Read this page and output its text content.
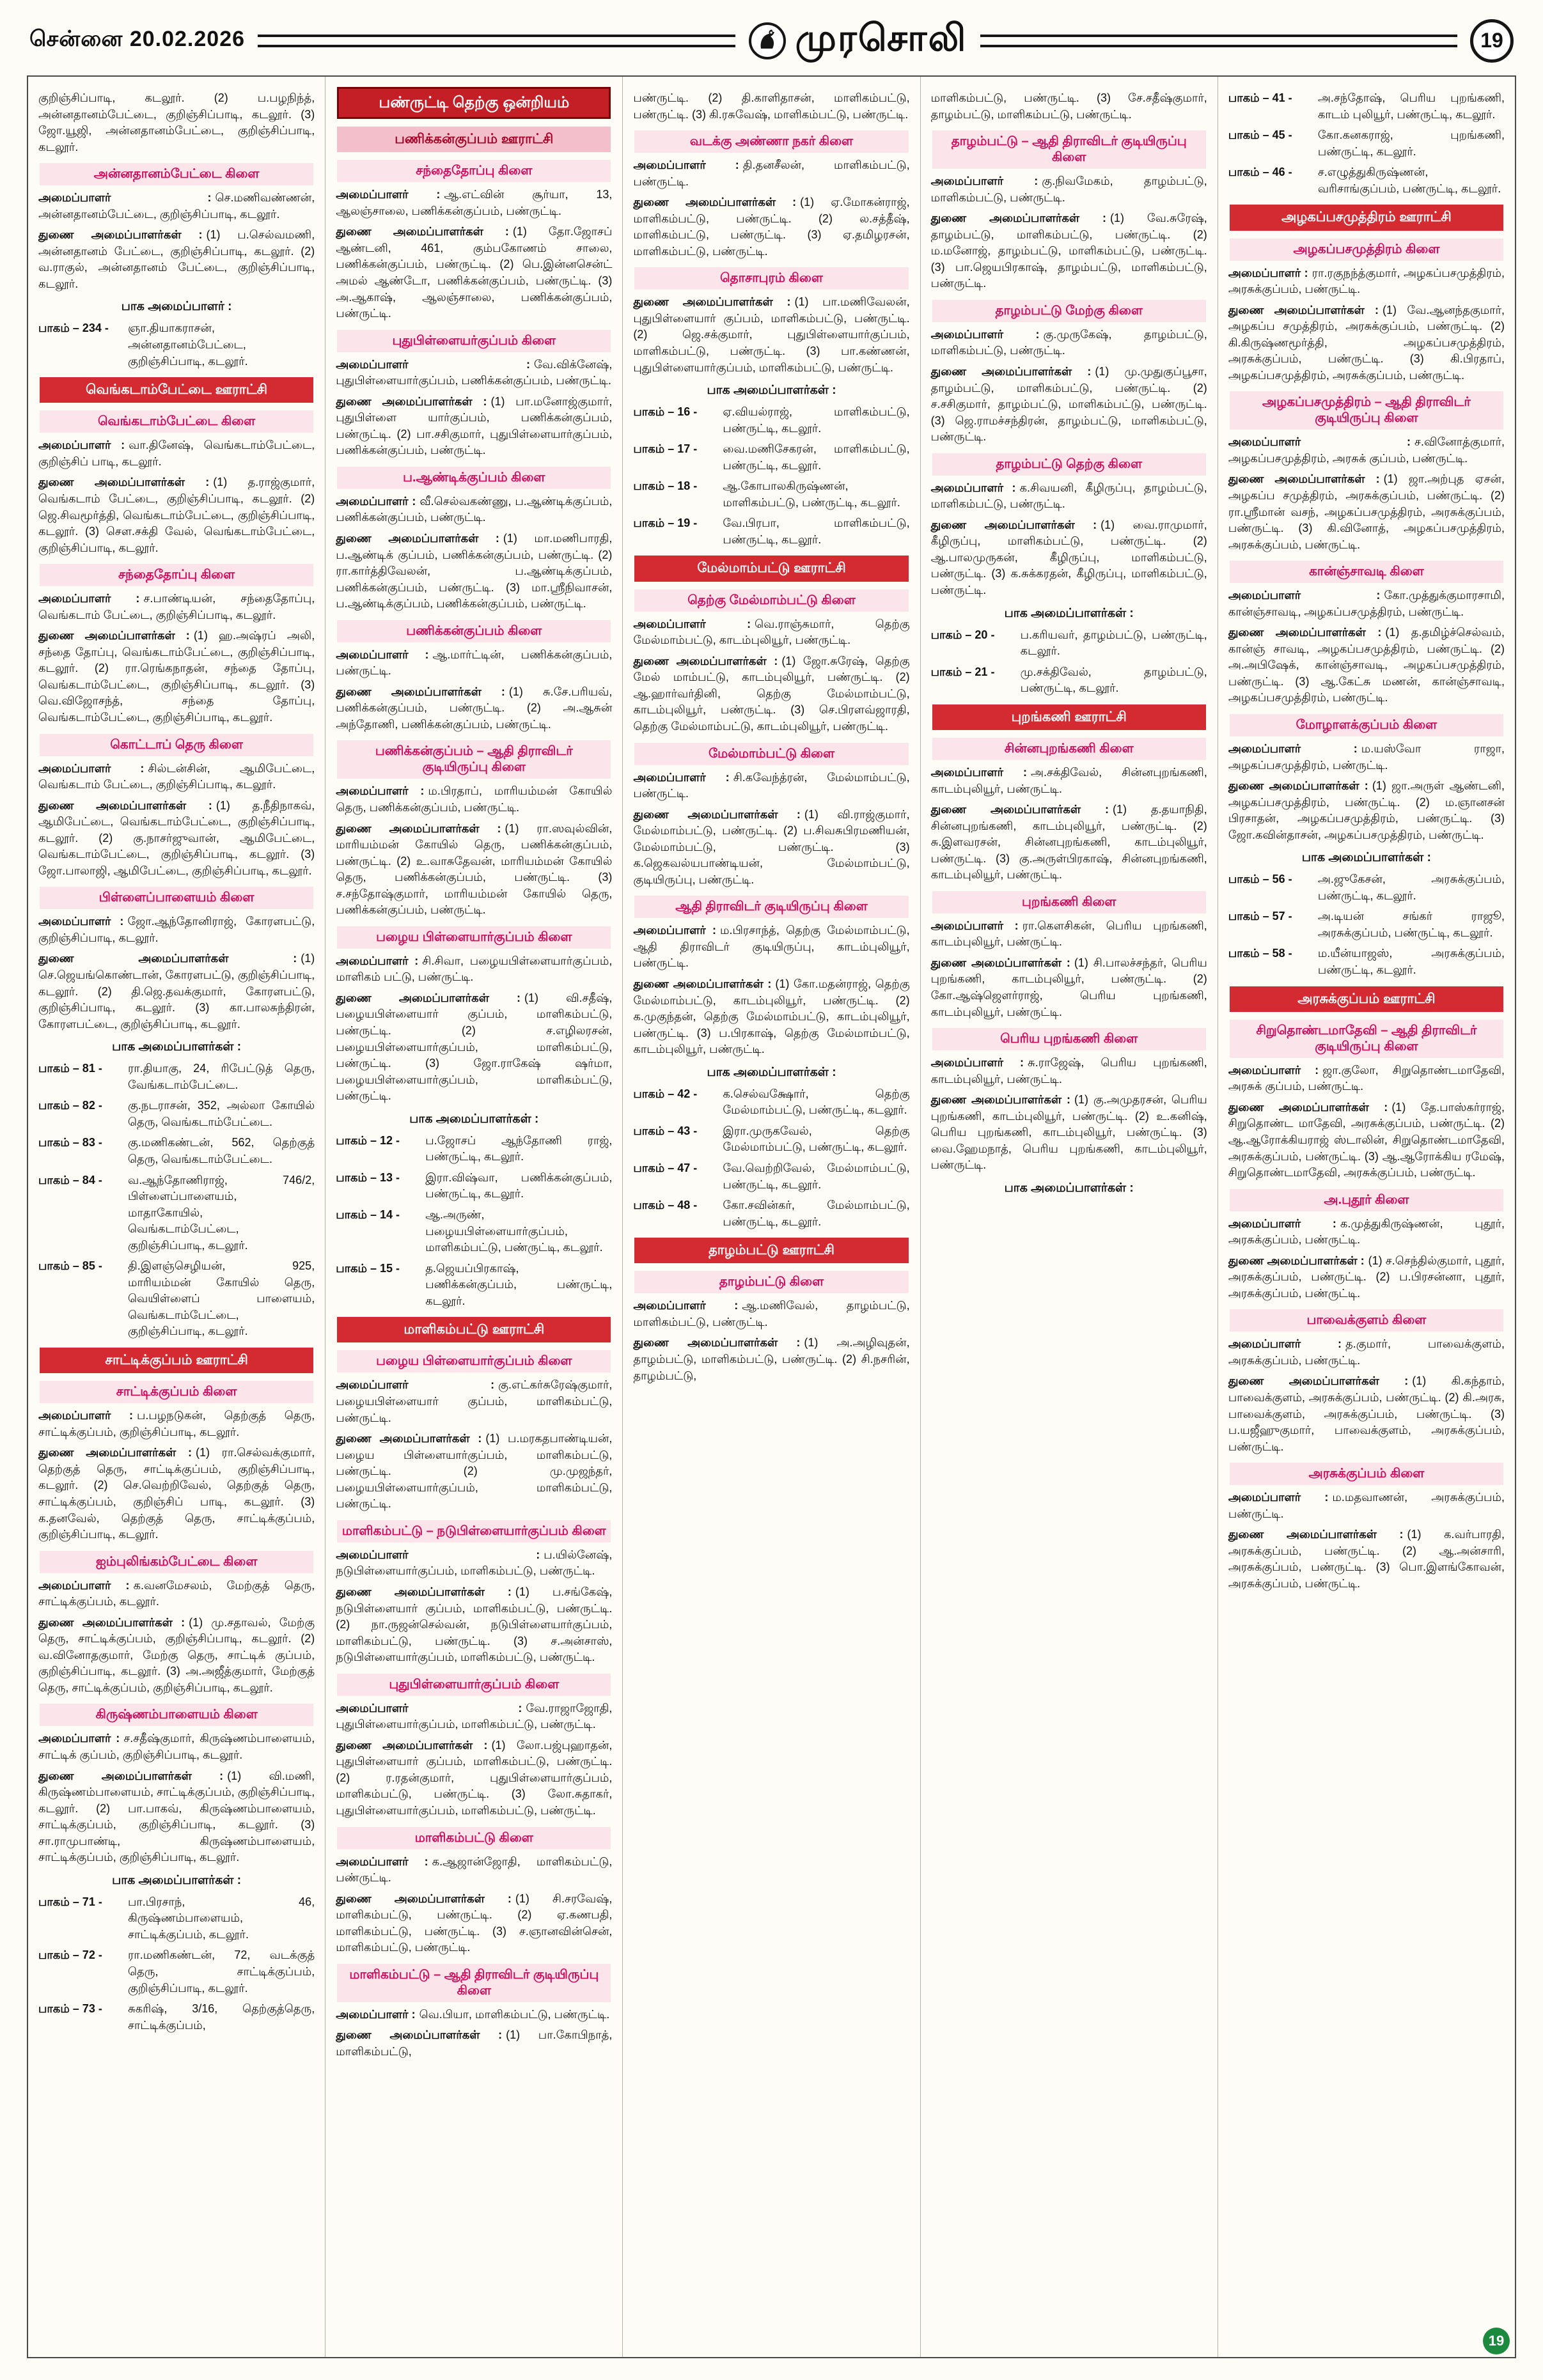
சென்னை 20.02.2026	முரசொலி	19

குறிஞ்சிப்பாடி, கடலூர். (2) ப.பழநிந்த், அன்னதானம்பேட்டை, குறிஞ்சிப்பாடி, கடலூர். (3) ஜோ.யூஜி, அன்னதானம்பேட்டை, குறிஞ்சிப்பாடி, கடலூர்.

அன்னதானம்பேட்டை கிளை

அமைப்பாளர் : செ.மணிவண்ணன், அன்னதானம்பேட்டை, குறிஞ்சிப்பாடி, கடலூர்.

துணை அமைப்பாளர்கள் : (1) ப.செல்வமணி, அன்னதானம் பேட்டை, குறிஞ்சிப்பாடி, கடலூர். (2) வ.ராகுல், அன்னதானம் பேட்டை, குறிஞ்சிப்பாடி, கடலூர்.

பாக அமைப்பாளர் :
பாகம் – 234 -	ஞா.தியாகராசன், அன்னதானம்பேட்டை, குறிஞ்சிப்பாடி, கடலூர்.
வெங்கடாம்பேட்டை ஊராட்சி
வெங்கடாம்பேட்டை கிளை

அமைப்பாளர் : வா.தினேஷ், வெங்கடாம்பேட்டை, குறிஞ்சிப் பாடி, கடலூர்.

துணை அமைப்பாளர்கள் : (1) த.ராஜ்குமார், வெங்கடாம் பேட்டை, குறிஞ்சிப்பாடி, கடலூர். (2) ஜெ.சிவமூர்த்தி, வெங்கடாம்பேட்டை, குறிஞ்சிப்பாடி, கடலூர். (3) சௌ.சக்தி வேல், வெங்கடாம்பேட்டை, குறிஞ்சிப்பாடி, கடலூர்.

சந்தைதோப்பு கிளை

அமைப்பாளர் : ச.பாண்டியன், சந்தைதோப்பு, வெங்கடாம் பேட்டை, குறிஞ்சிப்பாடி, கடலூர்.

துணை அமைப்பாளர்கள் : (1) ஹ.அஷ்ரப் அலி, சந்தை தோப்பு, வெங்கடாம்பேட்டை, குறிஞ்சிப்பாடி, கடலூர். (2) ரா.ரெங்கநாதன், சந்தை தோப்பு, வெங்கடாம்பேட்டை, குறிஞ்சிப்பாடி, கடலூர். (3) வெ.விஜோசந்த், சந்தை தோப்பு, வெங்கடாம்பேட்டை, குறிஞ்சிப்பாடி, கடலூர்.

கொட்டாப் தெரு கிளை

அமைப்பாளர் : சில்டன்சின், ஆமிபேட்டை, வெங்கடாம் பேட்டை, குறிஞ்சிப்பாடி, கடலூர்.

துணை அமைப்பாளர்கள் : (1) த.நீதிநாகவ், ஆமிபேட்டை, வெங்கடாம்பேட்டை, குறிஞ்சிப்பாடி, கடலூர். (2) கு.நாசர்ஜுவான், ஆமிபேட்டை, வெங்கடாம்பேட்டை, குறிஞ்சிப்பாடி, கடலூர். (3) ஜோ.பாலாஜி, ஆமிபேட்டை, குறிஞ்சிப்பாடி, கடலூர்.

பிள்ளைப்பாளையம் கிளை

அமைப்பாளர் : ஜோ.ஆந்தோனிராஜ், கோரளபட்டு, குறிஞ்சிப்பாடி, கடலூர்.

துணை அமைப்பாளர்கள் : (1) செ.ஜெயங்கொண்டான், கோரளபட்டு, குறிஞ்சிப்பாடி, கடலூர். (2) தி.ஜெ.தவக்குமார், கோரளபட்டு, குறிஞ்சிப்பாடி, கடலூர். (3) கா.பாலசுந்திரன், கோரளபட்டை, குறிஞ்சிப்பாடி, கடலூர்.

பாக அமைப்பாளர்கள் :
பாகம் – 81 -	ரா.தியாகு, 24, ரிபேட்டுத் தெரு, வேங்கடாம்பேட்டை.
பாகம் – 82 -	கு.நடராசன், 352, அல்லா கோயில் தெரு, வெங்கடாம்பேட்டை.
பாகம் – 83 -	கு.மணிகண்டன், 562, தெற்குத் தெரு, வெங்கடாம்பேட்டை.
பாகம் – 84 -	வ.ஆந்தோணிராஜ், 746/2, பிள்ளைப்பாளையம், மாதாகோயில், வெங்கடாம்பேட்டை, குறிஞ்சிப்பாடி, கடலூர்.
பாகம் – 85 -	தி.இளஞ்செழியன், 925, மாரியம்மன் கோயில் தெரு, வெயிள்ளைப் பாளையம், வெங்கடாம்பேட்டை, குறிஞ்சிப்பாடி, கடலூர்.
சாட்டிக்குப்பம் ஊராட்சி
சாட்டிக்குப்பம் கிளை

அமைப்பாளர் : ப.பழநடுகன், தெற்குத் தெரு, சாட்டிக்குப்பம், குறிஞ்சிப்பாடி, கடலூர்.

துணை அமைப்பாளர்கள் : (1) ரா.செல்வக்குமார், தெற்குத் தெரு, சாட்டிக்குப்பம், குறிஞ்சிப்பாடி, கடலூர். (2) செ.வெற்றிவேல், தெற்குத் தெரு, சாட்டிக்குப்பம், குறிஞ்சிப் பாடி, கடலூர். (3) க.தனவேல், தெற்குத் தெரு, சாட்டிக்குப்பம், குறிஞ்சிப்பாடி, கடலூர்.

ஐம்புலிங்கம்பேட்டை கிளை

அமைப்பாளர் : க.வனமேசலம், மேற்குத் தெரு, சாட்டிக்குப்பம், கடலூர்.

துணை அமைப்பாளர்கள் : (1) மு.சதாவல், மேற்கு தெரு, சாட்டிக்குப்பம், குறிஞ்சிப்பாடி, கடலூர். (2) வ.வினோதகுமார், மேற்கு தெரு, சாட்டிக் குப்பம், குறிஞ்சிப்பாடி, கடலூர். (3) அ.அஜீத்குமார், மேற்குத் தெரு, சாட்டிக்குப்பம், குறிஞ்சிப்பாடி, கடலூர்.

கிருஷ்ணம்பாளையம் கிளை

அமைப்பாளர் : ச.சதீஷ்குமார், கிருஷ்ணம்பாளையம், சாட்டிக் குப்பம், குறிஞ்சிப்பாடி, கடலூர்.

துணை அமைப்பாளர்கள் : (1) வி.மணி, கிருஷ்ணம்பாளையம், சாட்டிக்குப்பம், குறிஞ்சிப்பாடி, கடலூர். (2) பா.பாகவ், கிருஷ்ணம்பாளையம், சாட்டிக்குப்பம், குறிஞ்சிப்பாடி, கடலூர். (3) சா.ராமுபாண்டி, கிருஷ்ணம்பாளையம், சாட்டிக்குப்பம், குறிஞ்சிப்பாடி, கடலூர்.

பாக அமைப்பாளர்கள் :
பாகம் – 71 -	பா.பிரசாந், 46, கிருஷ்ணம்பாளையம், சாட்டிக்குப்பம், கடலூர்.
பாகம் – 72 -	ரா.மணிகண்டன், 72, வடக்குத் தெரு, சாட்டிக்குப்பம், குறிஞ்சிப்பாடி, கடலூர்.
பாகம் – 73 -	சுகரிஷ், 3/16, தெற்குத்தெரு, சாட்டிக்குப்பம்,
பண்ருட்டி தெற்கு ஒன்றியம்
பணிக்கன்குப்பம் ஊராட்சி
சந்தைதோப்பு கிளை

அமைப்பாளர் : ஆ.எட்வின் சூர்யா, 13, ஆலஞ்சாலை, பணிக்கன்குப்பம், பண்ருட்டி.

துணை அமைப்பாளர்கள் : (1) தோ.ஜோசப் ஆண்டனி, 461, கும்பகோணம் சாலை, பணிக்கன்குப்பம், பண்ருட்டி. (2) பெ.இன்னசென்ட் அமல் ஆண்டோ, பணிக்கன்குப்பம், பண்ருட்டி. (3) அ.ஆகாஷ், ஆலஞ்சாலை, பணிக்கன்குப்பம், பண்ருட்டி.

புதுபிள்ளையர்குப்பம் கிளை

அமைப்பாளர் : வே.விக்னேஷ், புதுபிள்ளையார்குப்பம், பணிக்கன்குப்பம், பண்ருட்டி.

துணை அமைப்பாளர்கள் : (1) பா.மனோஜ்குமார், புதுபிள்ளை யார்குப்பம், பணிக்கன்குப்பம், பண்ருட்டி. (2) பா.சசிகுமார், புதுபிள்ளையார்குப்பம், பணிக்கன்குப்பம், பண்ருட்டி.

ப.ஆண்டிக்குப்பம் கிளை

அமைப்பாளர் : வீ.செல்வகண்ணு, ப.ஆண்டிக்குப்பம், பணிக்கன்குப்பம், பண்ருட்டி.

துணை அமைப்பாளர்கள் : (1) மா.மணிபாரதி, ப.ஆண்டிக் குப்பம், பணிக்கன்குப்பம், பண்ருட்டி. (2) ரா.கார்த்திவேலன், ப.ஆண்டிக்குப்பம், பணிக்கன்குப்பம், பண்ருட்டி. (3) மா.ஸ்ரீநிவாசன், ப.ஆண்டிக்குப்பம், பணிக்கன்குப்பம், பண்ருட்டி.

பணிக்கன்குப்பம் கிளை

அமைப்பாளர் : ஆ.மார்ட்டின், பணிக்கன்குப்பம், பண்ருட்டி.

துணை அமைப்பாளர்கள் : (1) சு.சே.பரியவ், பணிக்கன்குப்பம், பண்ருட்டி. (2) அ.ஆசுன் அந்தோணி, பணிக்கன்குப்பம், பண்ருட்டி.

பணிக்கன்குப்பம் – ஆதி திராவிடர் குடியிருப்பு கிளை

அமைப்பாளர் : ம.பிரதாப், மாரியம்மன் கோயில் தெரு, பணிக்கன்குப்பம், பண்ருட்டி.

துணை அமைப்பாளர்கள் : (1) ரா.ஸவுல்வின், மாரியம்மன் கோயில் தெரு, பணிக்கன்குப்பம், பண்ருட்டி. (2) உ.வாசுதேவன், மாரியம்மன் கோயில் தெரு, பணிக்கன்குப்பம், பண்ருட்டி. (3) ச.சந்தோஷ்குமார், மாரியம்மன் கோயில் தெரு, பணிக்கன்குப்பம், பண்ருட்டி.

பழைய பிள்ளையார்குப்பம் கிளை

அமைப்பாளர் : சி.சிவா, பழையபிள்ளையார்குப்பம், மாளிகம் பட்டு, பண்ருட்டி.

துணை அமைப்பாளர்கள் : (1) வி.சதீஷ், பழையபிள்ளையார் குப்பம், மாளிகம்பட்டு, பண்ருட்டி. (2) ச.எழிலரசன், பழையபிள்ளையார்குப்பம், மாளிகம்பட்டு, பண்ருட்டி. (3) ஜோ.ராகேஷ் ஷர்மா, பழையபிள்ளையார்குப்பம், மாளிகம்பட்டு, பண்ருட்டி.

பாக அமைப்பாளர்கள் :
பாகம் – 12 -	ப.ஜோசப் ஆந்தோணி ராஜ், பண்ருட்டி, கடலூர்.
பாகம் – 13 -	இரா.விஷ்வா, பணிக்கன்குப்பம், பண்ருட்டி, கடலூர்.
பாகம் – 14 -	ஆ.அருண், பழையபிள்ளையார்குப்பம், மாளிகம்பட்டு, பண்ருட்டி, கடலூர்.
பாகம் – 15 -	த.ஜெயப்பிரகாஷ், பணிக்கன்குப்பம், பண்ருட்டி, கடலூர்.
மாளிகம்பட்டு ஊராட்சி
பழைய பிள்ளையார்குப்பம் கிளை

அமைப்பாளர் : கு.எட்கர்சுரேஷ்குமார், பழையபிள்ளையார் குப்பம், மாளிகம்பட்டு, பண்ருட்டி.

துணை அமைப்பாளர்கள் : (1) ப.மரகதபாண்டியன், பழைய பிள்ளையார்குப்பம், மாளிகம்பட்டு, பண்ருட்டி. (2) மு.முஜந்தர், பழையபிள்ளையார்குப்பம், மாளிகம்பட்டு, பண்ருட்டி.

மாளிகம்பட்டு – நடுபிள்ளையார்குப்பம் கிளை

அமைப்பாளர் : ப.யில்னேஷ், நடுபிள்ளையார்குப்பம், மாளிகம்பட்டு, பண்ருட்டி.

துணை அமைப்பாளர்கள் : (1) ப.சங்கேஷ், நடுபிள்ளையார் குப்பம், மாளிகம்பட்டு, பண்ருட்டி. (2) நா.ருஜன்செல்வன், நடுபிள்ளையார்குப்பம், மாளிகம்பட்டு, பண்ருட்டி. (3) ச.அன்சாஸ், நடுபிள்ளையார்குப்பம், மாளிகம்பட்டு, பண்ருட்டி.

புதுபிள்ளையார்குப்பம் கிளை

அமைப்பாளர் : வே.ராஜாஜோதி, புதுபிள்ளையார்குப்பம், மாளிகம்பட்டு, பண்ருட்டி.

துணை அமைப்பாளர்கள் : (1) லோ.பஜ்புஹாதன், புதுபிள்ளையார் குப்பம், மாளிகம்பட்டு, பண்ருட்டி. (2) ர.ரதன்குமார், புதுபிள்ளையார்குப்பம், மாளிகம்பட்டு, பண்ருட்டி. (3) லோ.சுதாகர், புதுபிள்ளையார்குப்பம், மாளிகம்பட்டு, பண்ருட்டி.

மாளிகம்பட்டு கிளை

அமைப்பாளர் : க.ஆஜான்ஜோதி, மாளிகம்பட்டு, பண்ருட்டி.

துணை அமைப்பாளர்கள் : (1) சி.சரவேஷ், மாளிகம்பட்டு, பண்ருட்டி. (2) ஏ.கணபதி, மாளிகம்பட்டு, பண்ருட்டி. (3) ச.ஞானவின்சென், மாளிகம்பட்டு, பண்ருட்டி.

மாளிகம்பட்டு – ஆதி திராவிடர் குடியிருப்பு கிளை

அமைப்பாளர் : வெ.பியா, மாளிகம்பட்டு, பண்ருட்டி.

துணை அமைப்பாளர்கள் : (1) பா.கோபிநாத், மாளிகம்பட்டு,

பண்ருட்டி. (2) தி.காளிதாசன், மாளிகம்பட்டு, பண்ருட்டி. (3) கி.ரசுவேஷ், மாளிகம்பட்டு, பண்ருட்டி.

வடக்கு அண்ணா நகர் கிளை

அமைப்பாளர் : தி.தனசீலன், மாளிகம்பட்டு, பண்ருட்டி.

துணை அமைப்பாளர்கள் : (1) ஏ.மோகன்ராஜ், மாளிகம்பட்டு, பண்ருட்டி. (2) ல.சத்தீஷ், மாளிகம்பட்டு, பண்ருட்டி. (3) ஏ.தமிழரசன், மாளிகம்பட்டு, பண்ருட்டி.

தொசாபுரம் கிளை

துணை அமைப்பாளர்கள் : (1) பா.மணிவேலன், புதுபிள்ளையார் குப்பம், மாளிகம்பட்டு, பண்ருட்டி. (2) ஜெ.சக்குமார், புதுபிள்ளையார்குப்பம், மாளிகம்பட்டு, பண்ருட்டி. (3) பா.கண்ணன், புதுபிள்ளையார்குப்பம், மாளிகம்பட்டு, பண்ருட்டி.

பாக அமைப்பாளர்கள் :
பாகம் – 16 -	ஏ.வியல்ராஜ், மாளிகம்பட்டு, பண்ருட்டி, கடலூர்.
பாகம் – 17 -	வை.மணிசேகரன், மாளிகம்பட்டு, பண்ருட்டி, கடலூர்.
பாகம் – 18 -	ஆ.கோபாலகிருஷ்ணன், மாளிகம்பட்டு, பண்ருட்டி, கடலூர்.
பாகம் – 19 -	வே.பிரபா, மாளிகம்பட்டு, பண்ருட்டி, கடலூர்.
மேல்மாம்பட்டு ஊராட்சி
தெற்கு மேல்மாம்பட்டு கிளை

அமைப்பாளர் : வெ.ராஞ்சுமார், தெற்கு மேல்மாம்பட்டு, காடம்புலியூர், பண்ருட்டி.

துணை அமைப்பாளர்கள் : (1) ஜோ.சுரேஷ், தெற்கு மேல் மாம்பட்டு, காடம்புலியூர், பண்ருட்டி. (2) ஆ.ஹார்வர்தினி, தெற்கு மேல்மாம்பட்டு, காடம்புலியூர், பண்ருட்டி. (3) செ.பிரளவ்ஜாரதி, தெற்கு மேல்மாம்பட்டு, காடம்புலியூர், பண்ருட்டி.

மேல்மாம்பட்டு கிளை

அமைப்பாளர் : சி.கவேந்த்ரன், மேல்மாம்பட்டு, பண்ருட்டி.

துணை அமைப்பாளர்கள் : (1) வி.ராஜ்குமார், மேல்மாம்பட்டு, பண்ருட்டி. (2) ப.சிவசுபிரமணியன், மேல்மாம்பட்டு, பண்ருட்டி. (3) க.ஜெகவல்யபாண்டியன், மேல்மாம்பட்டு, குடியிருப்பு, பண்ருட்டி.

ஆதி திராவிடர் குடியிருப்பு கிளை

அமைப்பாளர் : ம.பிரசாந்த், தெற்கு மேல்மாம்பட்டு, ஆதி திராவிடர் குடியிருப்பு, காடம்புலியூர், பண்ருட்டி.

துணை அமைப்பாளர்கள் : (1) கோ.மதன்ராஜ், தெற்கு மேல்மாம்பட்டு, காடம்புலியூர், பண்ருட்டி. (2) க.முகுந்தன், தெற்கு மேல்மாம்பட்டு, காடம்புலியூர், பண்ருட்டி. (3) ப.பிரகாஷ், தெற்கு மேல்மாம்பட்டு, காடம்புலியூர், பண்ருட்டி.

பாக அமைப்பாளர்கள் :
பாகம் – 42 -	க.செல்வக்ஷோர், தெற்கு மேல்மாம்பட்டு, பண்ருட்டி, கடலூர்.
பாகம் – 43 -	இரா.முருகவேல், தெற்கு மேல்மாம்பட்டு, பண்ருட்டி, கடலூர்.
பாகம் – 47 -	வே.வெற்றிவேல், மேல்மாம்பட்டு, பண்ருட்டி, கடலூர்.
பாகம் – 48 -	கோ.சவின்கர், மேல்மாம்பட்டு, பண்ருட்டி, கடலூர்.
தாழம்பட்டு ஊராட்சி
தாழம்பட்டு கிளை

அமைப்பாளர் : ஆ.மணிவேல், தாழம்பட்டு, மாளிகம்பட்டு, பண்ருட்டி.

துணை அமைப்பாளர்கள் : (1) அ.அழிவுதன், தாழம்பட்டு, மாளிகம்பட்டு, பண்ருட்டி. (2) சி.நசரின், தாழம்பட்டு,

மாளிகம்பட்டு, பண்ருட்டி. (3) சே.சதீஷ்குமார், தாழம்பட்டு, மாளிகம்பட்டு, பண்ருட்டி.

தாழம்பட்டு – ஆதி திராவிடர் குடியிருப்பு கிளை

அமைப்பாளர் : கு.நிவமேகம், தாழம்பட்டு, மாளிகம்பட்டு, பண்ருட்டி.

துணை அமைப்பாளர்கள் : (1) வே.சுரேஷ், தாழம்பட்டு, மாளிகம்பட்டு, பண்ருட்டி. (2) ம.மனோஜ், தாழம்பட்டு, மாளிகம்பட்டு, பண்ருட்டி. (3) பா.ஜெயபிரகாஷ், தாழம்பட்டு, மாளிகம்பட்டு, பண்ருட்டி.

தாழம்பட்டு மேற்கு கிளை

அமைப்பாளர் : கு.முருகேஷ், தாழம்பட்டு, மாளிகம்பட்டு, பண்ருட்டி.

துணை அமைப்பாளர்கள் : (1) மு.முதுகுப்பூசா, தாழம்பட்டு, மாளிகம்பட்டு, பண்ருட்டி. (2) ச.சசிகுமார், தாழம்பட்டு, மாளிகம்பட்டு, பண்ருட்டி. (3) ஜெ.ராமச்சந்திரன், தாழம்பட்டு, மாளிகம்பட்டு, பண்ருட்டி.

தாழம்பட்டு தெற்கு கிளை

அமைப்பாளர் : க.சிவயனி, கீழிருப்பு, தாழம்பட்டு, மாளிகம்பட்டு, பண்ருட்டி.

துணை அமைப்பாளர்கள் : (1) வை.ராமுமார், கீழிருப்பு, மாளிகம்பட்டு, பண்ருட்டி. (2) ஆ.பாலமுருகன், கீழிருப்பு, மாளிகம்பட்டு, பண்ருட்டி. (3) க.சுக்கரதன், கீழிருப்பு, மாளிகம்பட்டு, பண்ருட்டி.

பாக அமைப்பாளர்கள் :
பாகம் – 20 -	ப.கரியவர், தாழம்பட்டு, பண்ருட்டி, கடலூர்.
பாகம் – 21 -	மு.சக்திவேல், தாழம்பட்டு, பண்ருட்டி, கடலூர்.
புறங்கணி ஊராட்சி
சின்னபுறங்கணி கிளை

அமைப்பாளர் : அ.சக்திவேல், சின்னபுறங்கணி, காடம்புலியூர், பண்ருட்டி.

துணை அமைப்பாளர்கள் : (1) த.தயாநிதி, சின்னபுறங்கணி, காடம்புலியூர், பண்ருட்டி. (2) சு.இளவரசன், சின்னபுறங்கணி, காடம்புலியூர், பண்ருட்டி. (3) கு.அருள்பிரகாஷ், சின்னபுறங்கணி, காடம்புலியூர், பண்ருட்டி.

புறங்கணி கிளை

அமைப்பாளர் : ரா.கௌசிகன், பெரிய புறங்கணி, காடம்புலியூர், பண்ருட்டி.

துணை அமைப்பாளர்கள் : (1) சி.பாலச்சந்தர், பெரிய புறங்கணி, காடம்புலியூர், பண்ருட்டி. (2) கோ.ஆஷ்ஜெளர்ராஜ், பெரிய புறங்கணி, காடம்புலியூர், பண்ருட்டி.

பெரிய புறங்கணி கிளை

அமைப்பாளர் : சு.ராஜேஷ், பெரிய புறங்கணி, காடம்புலியூர், பண்ருட்டி.

துணை அமைப்பாளர்கள் : (1) கு.அமுதரசன், பெரிய புறங்கணி, காடம்புலியூர், பண்ருட்டி. (2) உ.கனிஷ், பெரிய புறங்கணி, காடம்புலியூர், பண்ருட்டி. (3) வை.ஹேமநாத், பெரிய புறங்கணி, காடம்புலியூர், பண்ருட்டி.

பாக அமைப்பாளர்கள் :
பாகம் – 41 -	அ.சந்தோஷ், பெரிய புறங்கணி, காடம் புலியூர், பண்ருட்டி, கடலூர்.
பாகம் – 45 -	கோ.கனகராஜ், புறங்கணி, பண்ருட்டி, கடலூர்.
பாகம் – 46 -	ச.எழுத்துகிருஷ்ணன், வரிசாங்குப்பம், பண்ருட்டி, கடலூர்.
அழகப்பசமுத்திரம் ஊராட்சி
அழகப்பசமுத்திரம் கிளை

அமைப்பாளர் : ரா.ரகுநந்த்குமார், அழகப்பசமுத்திரம், அரசுக்குப்பம், பண்ருட்டி.

துணை அமைப்பாளர்கள் : (1) வே.ஆனந்தகுமார், அழகப்ப சமுத்திரம், அரசுக்குப்பம், பண்ருட்டி. (2) கி.கிருஷ்ணமூர்த்தி, அழகப்பசமுத்திரம், அரசுக்குப்பம், பண்ருட்டி. (3) கி.பிரதாப், அழகப்பசமுத்திரம், அரசுக்குப்பம், பண்ருட்டி.

அழகப்பசமுத்திரம் – ஆதி திராவிடர் குடியிருப்பு கிளை

அமைப்பாளர் : ச.வினோத்குமார், அழகப்பசமுத்திரம், அரசுக் குப்பம், பண்ருட்டி.

துணை அமைப்பாளர்கள் : (1) ஜா.அற்புத ஏசன், அழகப்ப சமுத்திரம், அரசுக்குப்பம், பண்ருட்டி. (2) ரா.ஸ்ரீமான் வசந், அழகப்பசமுத்திரம், அரசுக்குப்பம், பண்ருட்டி. (3) கி.வினோத், அழகப்பசமுத்திரம், அரசுக்குப்பம், பண்ருட்டி.

கான்ஞ்சாவடி கிளை

அமைப்பாளர் : கோ.முத்துக்குமாரசாமி, கான்ஞ்சாவடி, அழகப்பசமுத்திரம், பண்ருட்டி.

துணை அமைப்பாளர்கள் : (1) த.தமிழ்ச்செல்வம், கான்ஞ் சாவடி, அழகப்பசமுத்திரம், பண்ருட்டி. (2) அ.அபிஷேக், கான்ஞ்சாவடி, அழகப்பசமுத்திரம், பண்ருட்டி. (3) ஆ.கேட்சு மணன், கான்ஞ்சாவடி, அழகப்பசமுத்திரம், பண்ருட்டி.

மோழாளக்குப்பம் கிளை

அமைப்பாளர் : ம.யஸ்வோ ராஜா, அழகப்பசமுத்திரம், பண்ருட்டி.

துணை அமைப்பாளர்கள் : (1) ஜா.அருள் ஆண்டனி, அழகப்பசமுத்திரம், பண்ருட்டி. (2) ம.ஞானசன் பிரசாதன், அழகப்பசமுத்திரம், பண்ருட்டி. (3) ஜோ.கவின்தாசன், அழகப்பசமுத்திரம், பண்ருட்டி.

பாக அமைப்பாளர்கள் :
பாகம் – 56 -	அ.ஜுகேசன், அரசுக்குப்பம், பண்ருட்டி, கடலூர்.
பாகம் – 57 -	அ.டியன் சங்கர் ராஜூ, அரசுக்குப்பம், பண்ருட்டி, கடலூர்.
பாகம் – 58 -	ம.யீன்யாஜஸ், அரசுக்குப்பம், பண்ருட்டி, கடலூர்.
அரசுக்குப்பம் ஊராட்சி
சிறுதொண்டமாதேவி – ஆதி திராவிடர் குடியிருப்பு கிளை

அமைப்பாளர் : ஜா.குலோ, சிறுதொண்டமாதேவி, அரசுக் குப்பம், பண்ருட்டி.

துணை அமைப்பாளர்கள் : (1) தே.பாஸ்கர்ராஜ், சிறுதொண்ட மாதேவி, அரசுக்குப்பம், பண்ருட்டி. (2) ஆ.ஆரோக்கியராஜ் ஸ்டாலின், சிறுதொண்டமாதேவி, அரசுக்குப்பம், பண்ருட்டி. (3) ஆ.ஆரோக்கிய ரமேஷ், சிறுதொண்டமாதேவி, அரசுக்குப்பம், பண்ருட்டி.

அ.புதூர் கிளை

அமைப்பாளர் : க.முத்துகிருஷ்ணன், புதூர், அரசுக்குப்பம், பண்ருட்டி.

துணை அமைப்பாளர்கள் : (1) ச.செந்தில்குமார், புதூர், அரசுக்குப்பம், பண்ருட்டி. (2) ப.பிரசன்னா, புதூர், அரசுக்குப்பம், பண்ருட்டி.

பாவைக்குளம் கிளை

அமைப்பாளர் : த.குமார், பாவைக்குளம், அரசுக்குப்பம், பண்ருட்டி.

துணை அமைப்பாளர்கள் : (1) கி.கந்தாம், பாவைக்குளம், அரசுக்குப்பம், பண்ருட்டி. (2) கி.அரசு, பாவைக்குளம், அரசுக்குப்பம், பண்ருட்டி. (3) ப.யஜீஹுகுமார், பாவைக்குளம், அரசுக்குப்பம், பண்ருட்டி.

அரசுக்குப்பம் கிளை

அமைப்பாளர் : ம.மதவாணன், அரசுக்குப்பம், பண்ருட்டி.

துணை அமைப்பாளர்கள் : (1) க.வர்பாரதி, அரசுக்குப்பம், பண்ருட்டி. (2) ஆ.அன்சாரி, அரசுக்குப்பம், பண்ருட்டி. (3) பொ.இளங்கோவன், அரசுக்குப்பம், பண்ருட்டி.

19
